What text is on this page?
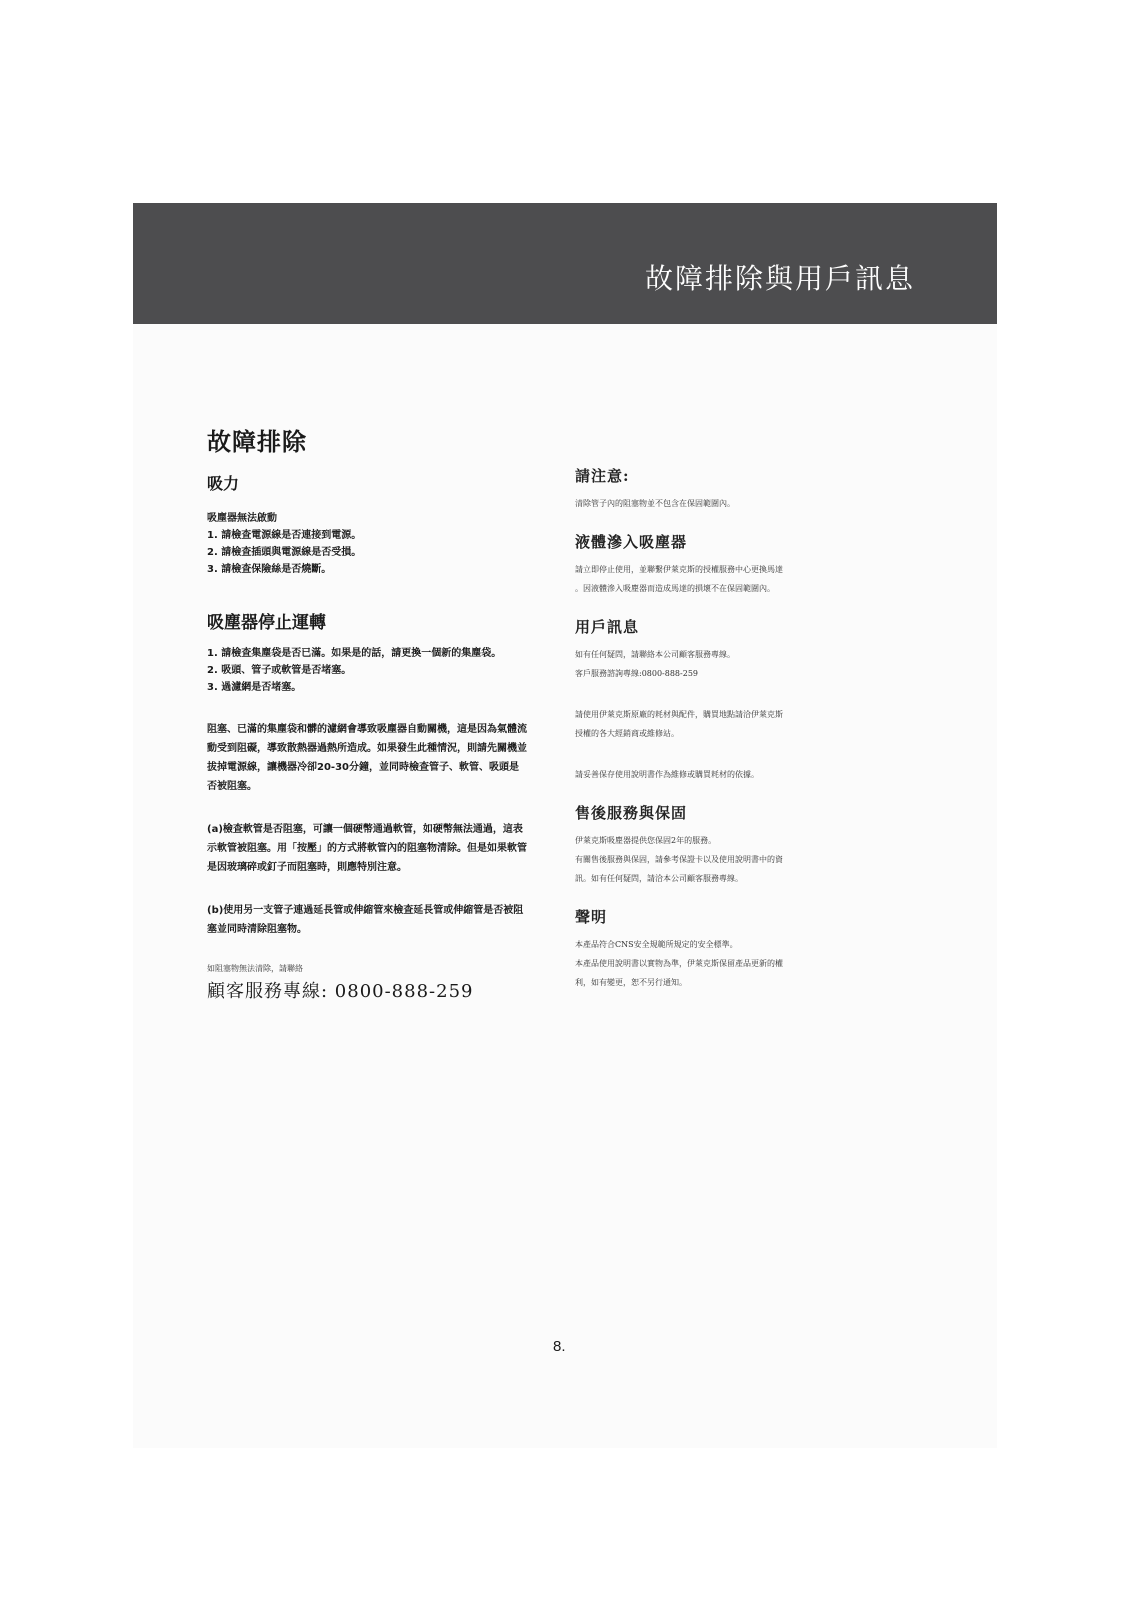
故障排除與用戶訊息
故障排除
吸力

吸塵器無法啟動

1. 請檢查電源線是否連接到電源。
2. 請檢查插頭與電源線是否受損。
3. 請檢查保險絲是否燒斷。
吸塵器停止運轉
1. 請檢查集塵袋是否已滿。如果是的話，請更換一個新的集塵袋。
2. 吸頭、管子或軟管是否堵塞。
3. 過濾網是否堵塞。

阻塞、已滿的集塵袋和髒的濾網會導致吸塵器自動關機，這是因為氣體流動受到阻礙，導致散熱器過熱所造成。如果發生此種情況，則請先關機並拔掉電源線，讓機器冷卻20-30分鐘，並同時檢查管子、軟管、吸頭是否被阻塞。

(a)檢查軟管是否阻塞，可讓一個硬幣通過軟管，如硬幣無法通過，這表示軟管被阻塞。用「按壓」的方式將軟管內的阻塞物清除。但是如果軟管是因玻璃碎或釘子而阻塞時，則應特別注意。

(b)使用另一支管子連過延長管或伸縮管來檢查延長管或伸縮管是否被阻塞並同時清除阻塞物。

如阻塞物無法清除，請聯絡

顧客服務專線: 0800-888-259

請注意:

清除管子內的阻塞物並不包含在保固範圍內。

液體滲入吸塵器

請立即停止使用，並聯繫伊萊克斯的授權服務中心更換馬達

。因液體滲入吸塵器而造成馬達的損壞不在保固範圍內。

用戶訊息

如有任何疑問，請聯絡本公司顧客服務專線。

客戶服務諮詢專線:0800-888-259

請使用伊萊克斯原廠的耗材與配件，購買地點請洽伊萊克斯

授權的各大經銷商或維修站。

請妥善保存使用說明書作為維修或購買耗材的依據。

售後服務與保固

伊萊克斯吸塵器提供您保固2年的服務。

有關售後服務與保固，請參考保證卡以及使用說明書中的資

訊。如有任何疑問，請洽本公司顧客服務專線。

聲明

本產品符合CNS安全規範所規定的安全標準。

本產品使用說明書以實物為準，伊萊克斯保留產品更新的權

利，如有變更，恕不另行通知。

8.
